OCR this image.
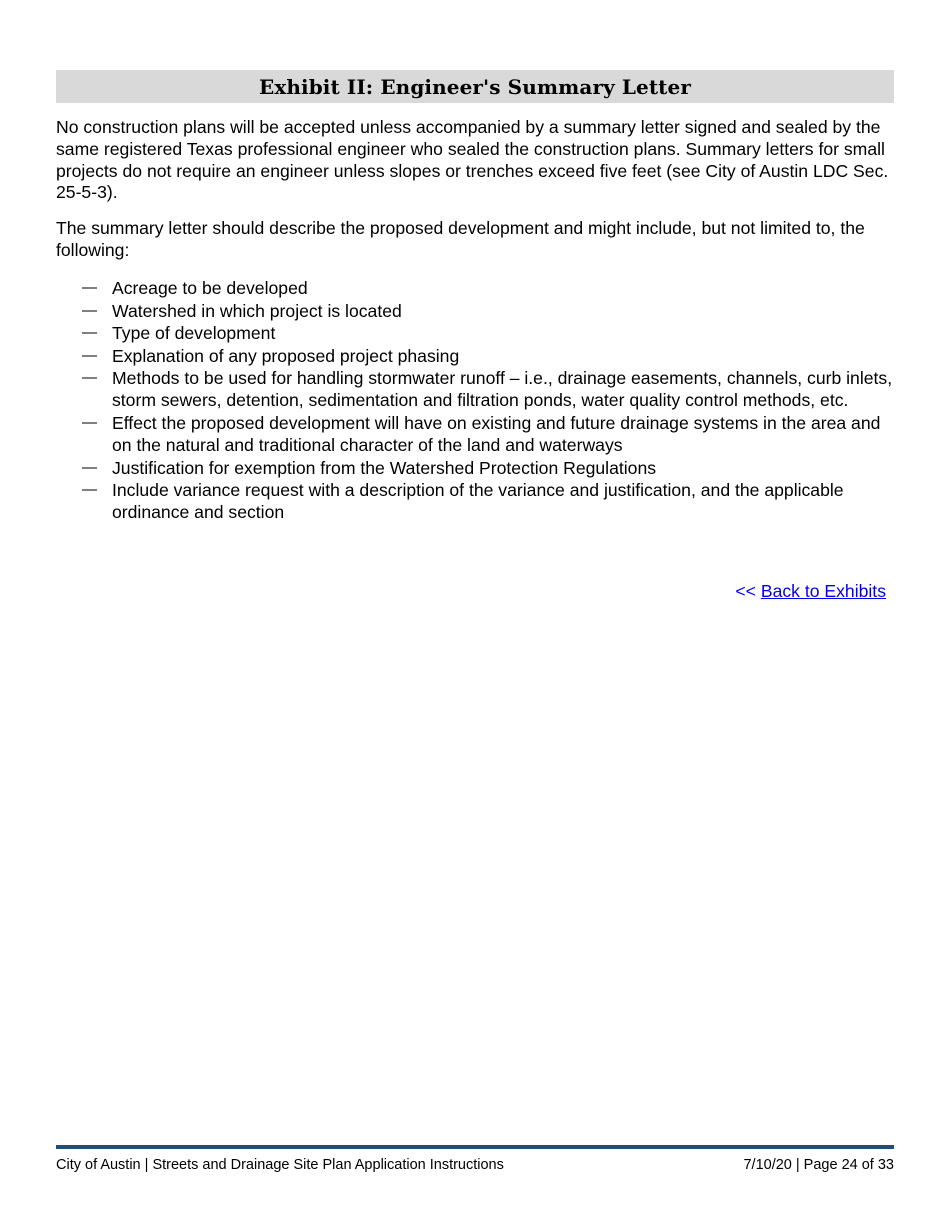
Exhibit II: Engineer's Summary Letter

No construction plans will be accepted unless accompanied by a summary letter signed and sealed by the same registered Texas professional engineer who sealed the construction plans. Summary letters for small projects do not require an engineer unless slopes or trenches exceed five feet (see City of Austin LDC Sec. 25-5-3).

The summary letter should describe the proposed development and might include, but not limited to, the following:

— Acreage to be developed
— Watershed in which project is located
— Type of development
— Explanation of any proposed project phasing
— Methods to be used for handling stormwater runoff – i.e., drainage easements, channels, curb inlets, storm sewers, detention, sedimentation and filtration ponds, water quality control methods, etc.
— Effect the proposed development will have on existing and future drainage systems in the area and on the natural and traditional character of the land and waterways
— Justification for exemption from the Watershed Protection Regulations
— Include variance request with a description of the variance and justification, and the applicable ordinance and section
<< Back to Exhibits
City of Austin | Streets and Drainage Site Plan Application Instructions	7/10/20 | Page 24 of 33
